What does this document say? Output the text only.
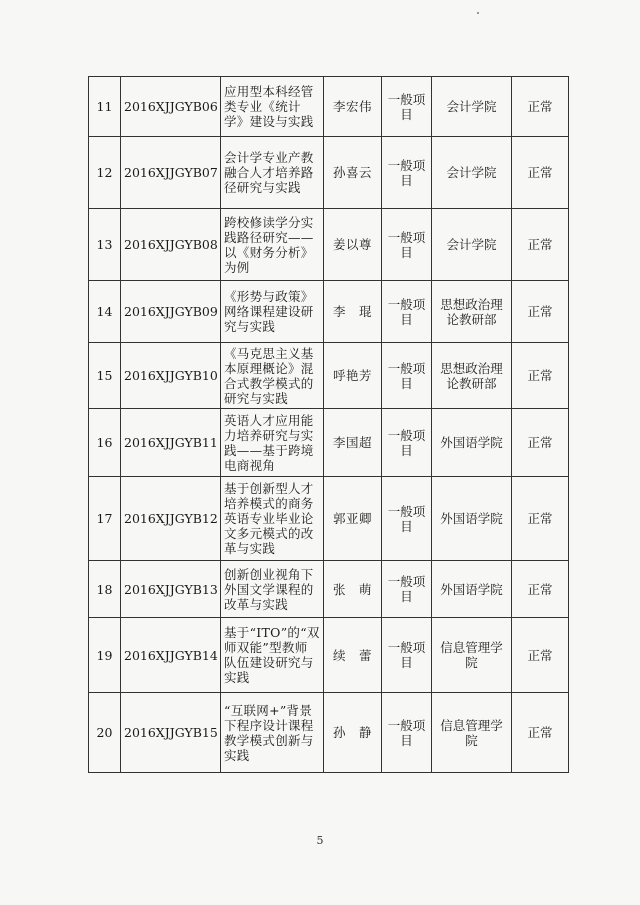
11	2016XJJGYB06	应用型本科经管类专业《统计学》建设与实践	李宏伟	一般项目	会计学院	正常
12	2016XJJGYB07	会计学专业产教融合人才培养路径研究与实践	孙喜云	一般项目	会计学院	正常
13	2016XJJGYB08	跨校修读学分实践路径研究——以《财务分析》为例	姜以尊	一般项目	会计学院	正常
14	2016XJJGYB09	《形势与政策》网络课程建设研究与实践	李　琨	一般项目	思想政治理论教研部	正常
15	2016XJJGYB10	《马克思主义基本原理概论》混合式教学模式的研究与实践	呼艳芳	一般项目	思想政治理论教研部	正常
16	2016XJJGYB11	英语人才应用能力培养研究与实践——基于跨境电商视角	李国超	一般项目	外国语学院	正常
17	2016XJJGYB12	基于创新型人才培养模式的商务英语专业毕业论文多元模式的改革与实践	郭亚卿	一般项目	外国语学院	正常
18	2016XJJGYB13	创新创业视角下外国文学课程的改革与实践	张　萌	一般项目	外国语学院	正常
19	2016XJJGYB14	基于“ITO”的“双师双能”型教师队伍建设研究与实践	续　蕾	一般项目	信息管理学院	正常
20	2016XJJGYB15	“互联网+”背景下程序设计课程教学模式创新与实践	孙　静	一般项目	信息管理学院	正常
5
